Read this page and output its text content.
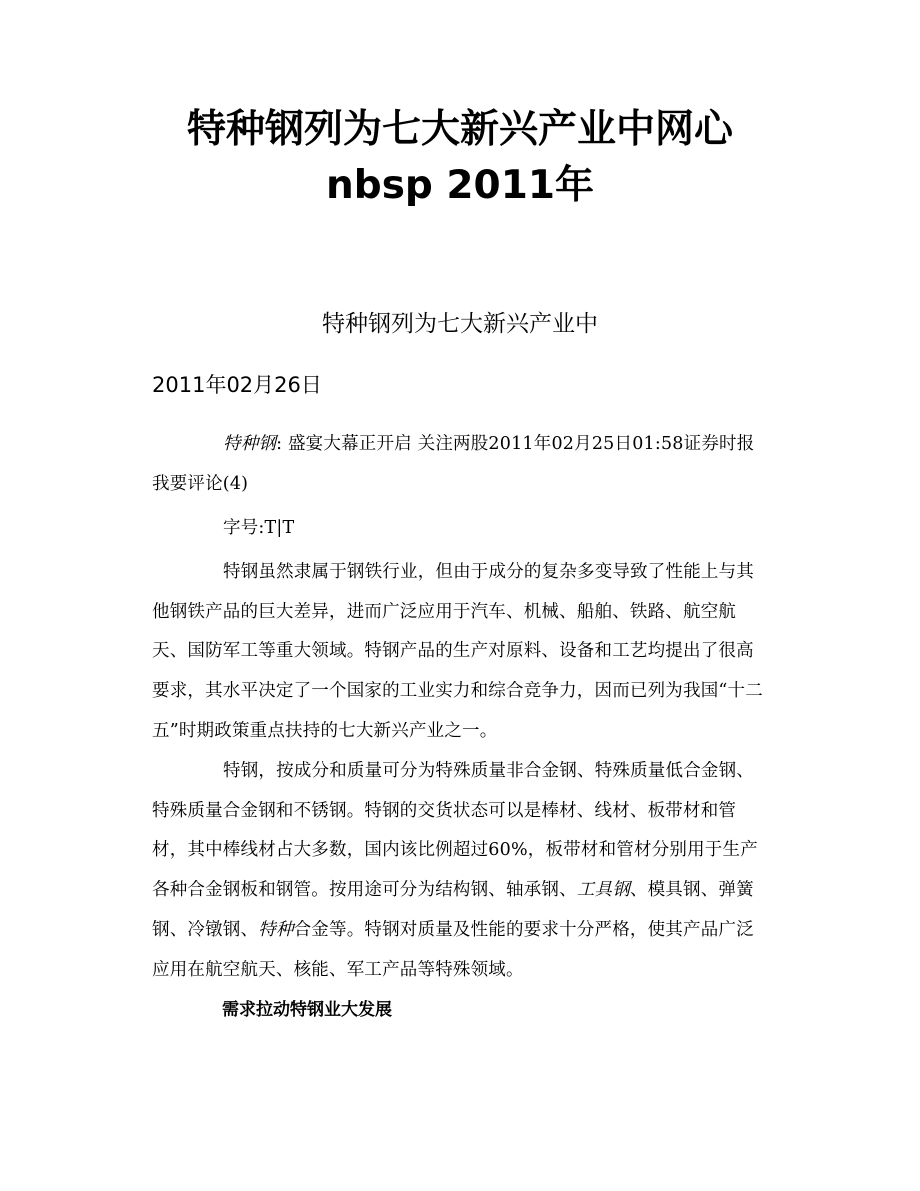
特种钢列为七大新兴产业中网心
nbsp 2011年
特种钢列为七大新兴产业中
2011年02月26日

特种钢: 盛宴大幕正开启 关注两股2011年02月25日01:58证券时报我要评论(4)

字号:T|T

特钢虽然隶属于钢铁行业，但由于成分的复杂多变导致了性能上与其他钢铁产品的巨大差异，进而广泛应用于汽车、机械、船舶、铁路、航空航天、国防军工等重大领域。特钢产品的生产对原料、设备和工艺均提出了很高要求，其水平决定了一个国家的工业实力和综合竞争力，因而已列为我国“十二五”时期政策重点扶持的七大新兴产业之一。

特钢，按成分和质量可分为特殊质量非合金钢、特殊质量低合金钢、特殊质量合金钢和不锈钢。特钢的交货状态可以是棒材、线材、板带材和管材，其中棒线材占大多数，国内该比例超过60%，板带材和管材分别用于生产各种合金钢板和钢管。按用途可分为结构钢、轴承钢、工具钢、模具钢、弹簧钢、冷镦钢、特种合金等。特钢对质量及性能的要求十分严格，使其产品广泛应用在航空航天、核能、军工产品等特殊领域。

需求拉动特钢业大发展
